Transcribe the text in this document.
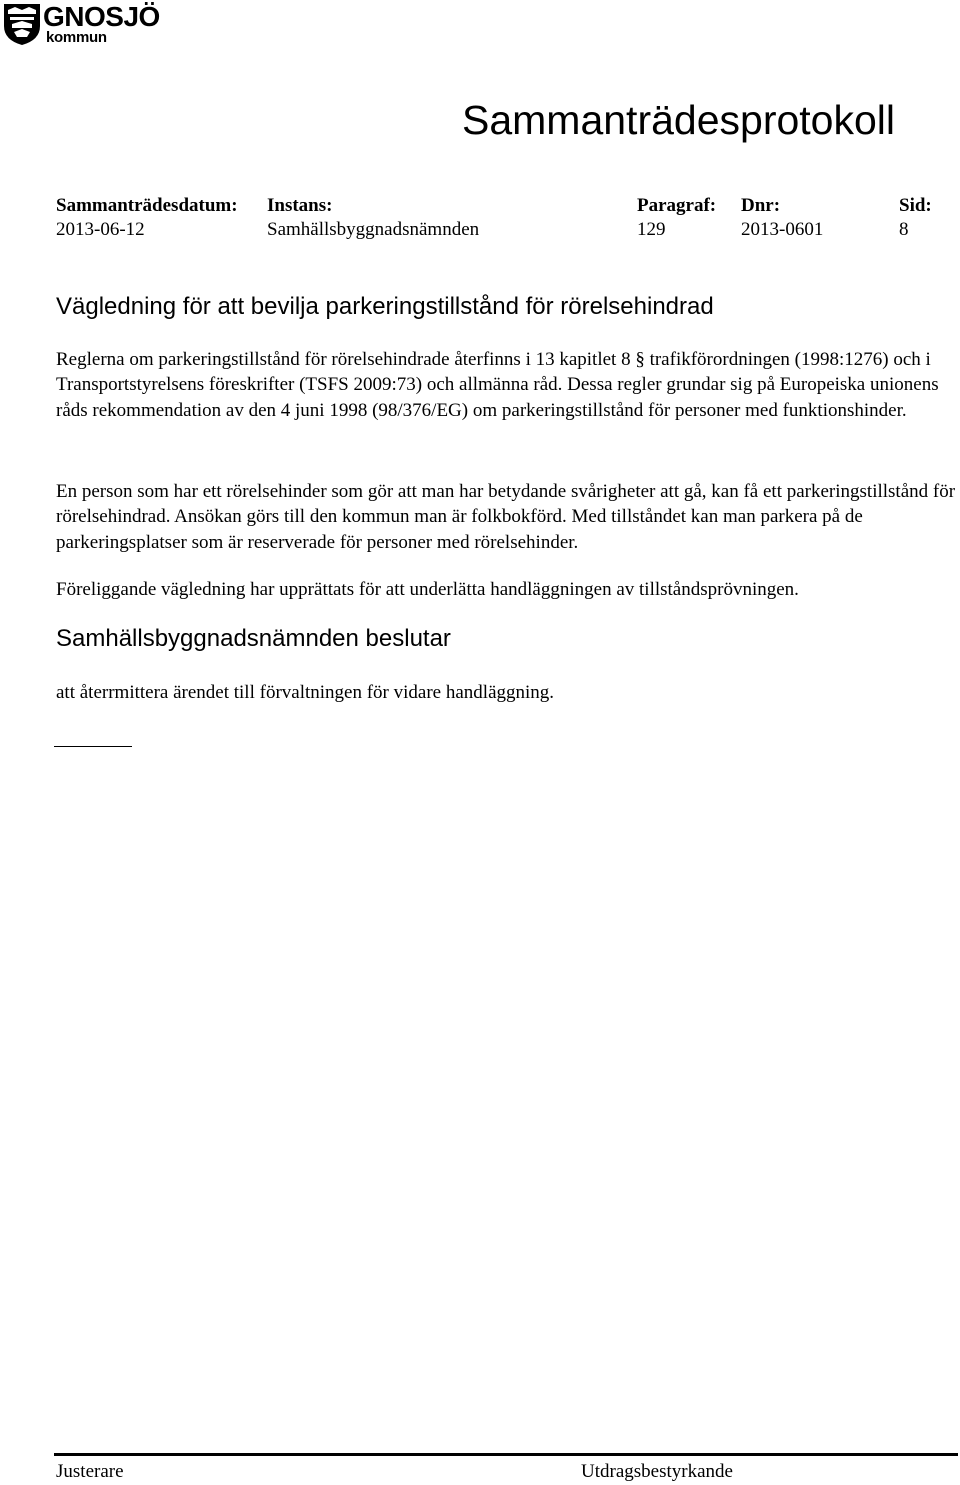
GNOSJÖ
kommun
Sammanträdesprotokoll
Sammanträdesdatum:
2013-06-12
Instans:
Samhällsbyggnadsnämnden
Paragraf:
129
Dnr:
2013-0601
Sid:
8
Vägledning för att bevilja parkeringstillstånd för rörelsehindrad

Reglerna om parkeringstillstånd för rörelsehindrade återfinns i 13 kapitlet 8 § trafikförordningen (1998:1276) och i Transportstyrelsens föreskrifter (TSFS 2009:73) och allmänna råd. Dessa regler grundar sig på Europeiska unionens råds rekommendation av den 4 juni 1998 (98/376/EG) om parkeringstillstånd för personer med funktionshinder.

En person som har ett rörelsehinder som gör att man har betydande svårigheter att gå, kan få ett parkeringstillstånd för rörelsehindrad. Ansökan görs till den kommun man är folkbokförd. Med tillståndet kan man parkera på de parkeringsplatser som är reserverade för personer med rörelsehinder.

Föreliggande vägledning har upprättats för att underlätta handläggningen av tillståndsprövningen.

Samhällsbyggnadsnämnden beslutar

att återrmittera ärendet till förvaltningen för vidare handläggning.

Justerare	Utdragsbestyrkande
